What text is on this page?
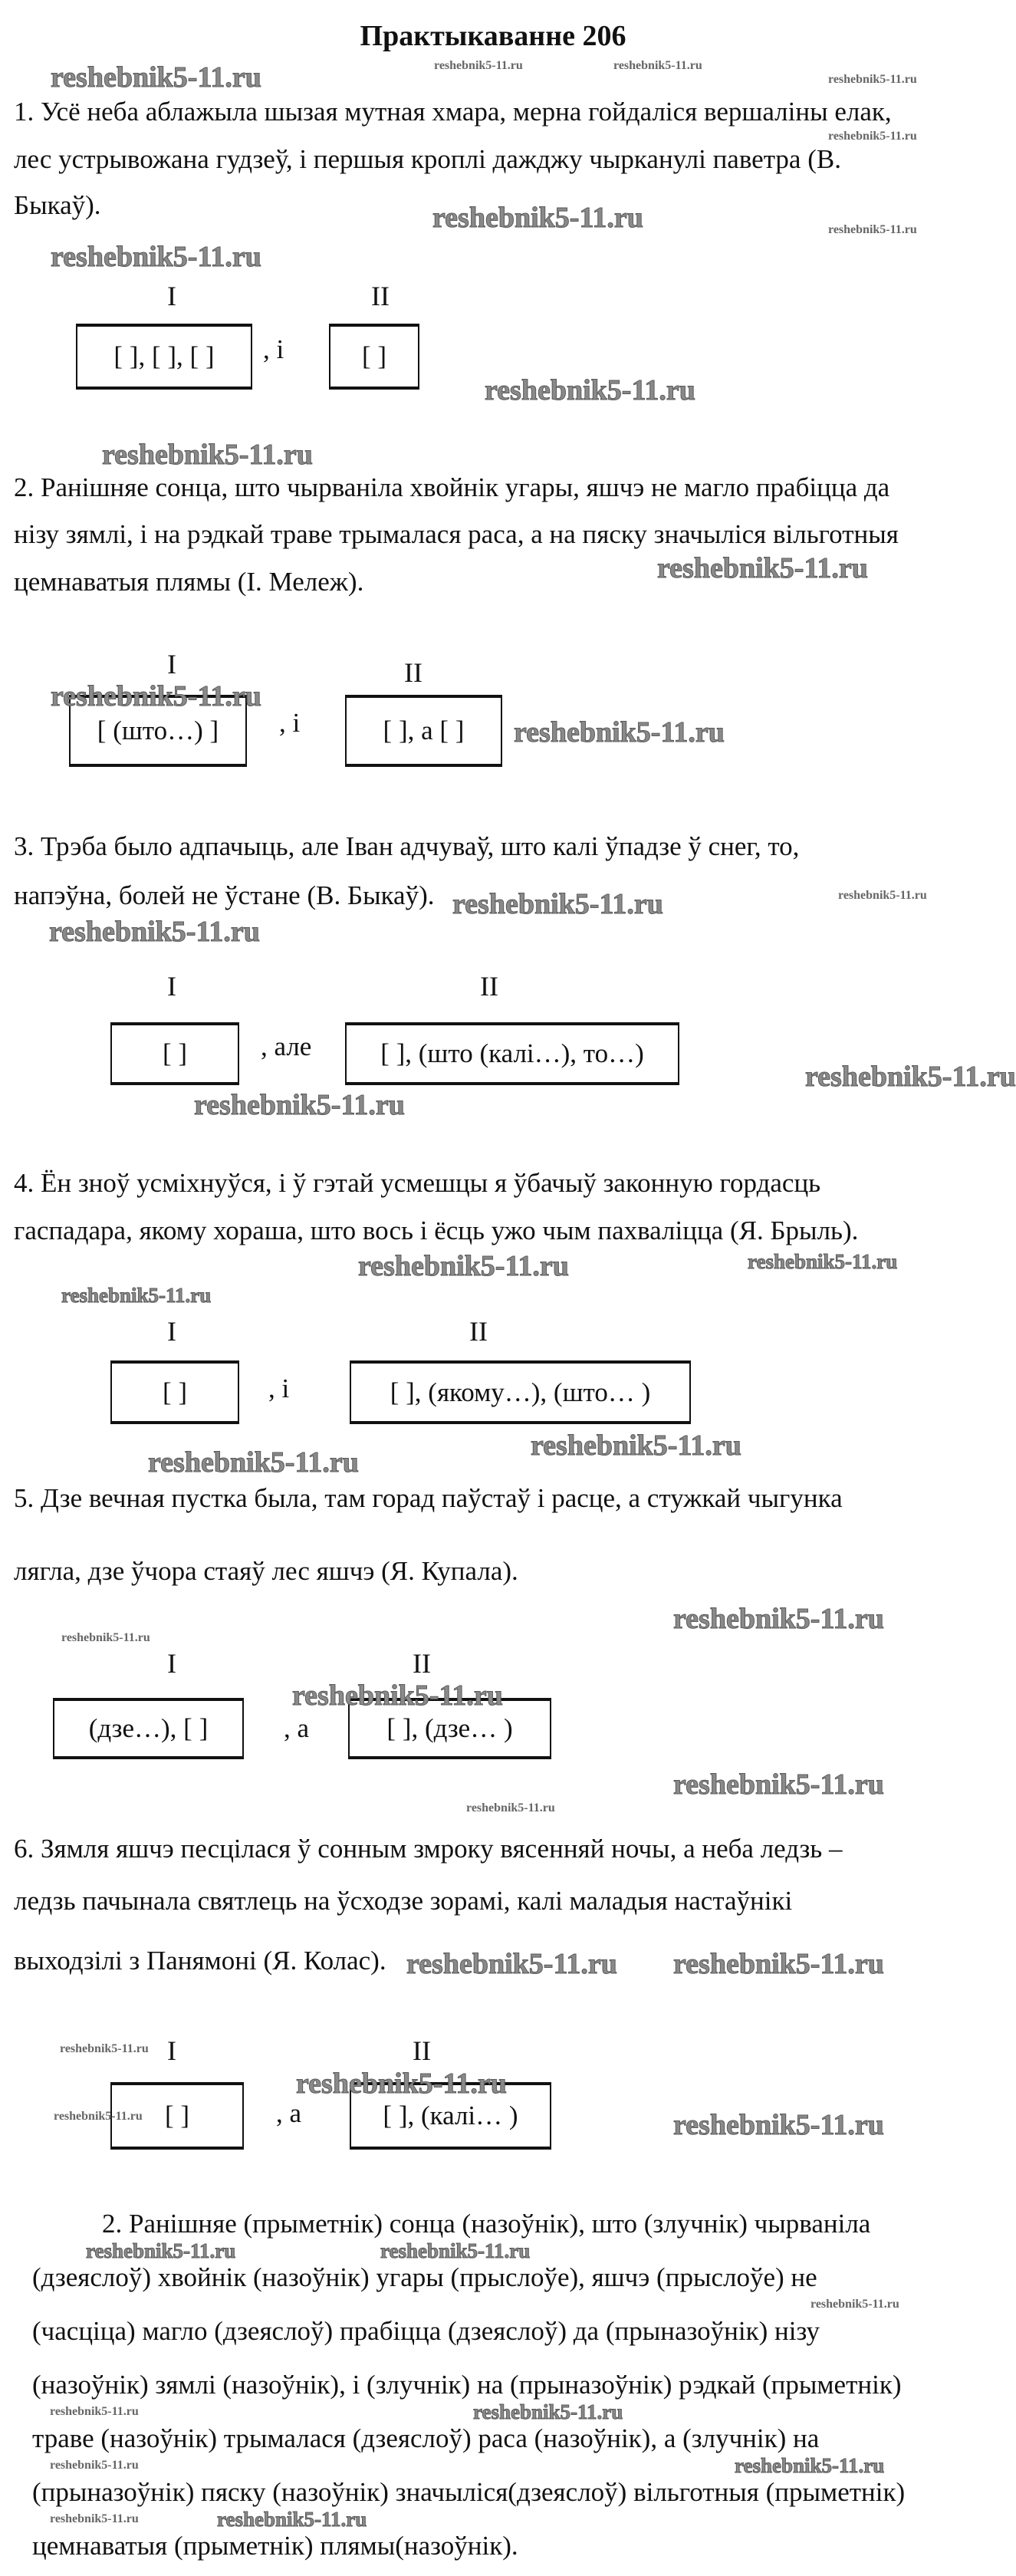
Практыкаванне 206
1. Усё неба аблажыла шызая мутная хмара, мерна гойдаліся вершаліны елак,
лес устрывожана гудзеў, і першыя кроплі дажджу чырканулі паветра (В.
Быкаў).
I	II
[ ], [ ], [ ]	, і	[ ]
2. Ранішняе сонца, што чырваніла хвойнік угары, яшчэ не магло прабіцца да
нізу зямлі, і на рэдкай траве трымалася раса, а на пяску значыліся вільготныя
цемнаватыя плямы (І. Мележ).
I	II
[ (што…) ]	, і	[ ], а [ ]
3. Трэба было адпачыць, але Іван адчуваў, што калі ўпадзе ў снег, то,
напэўна, болей не ўстане (В. Быкаў).
I	II
[ ]	, але	[ ], (што (калі…), то…)
4. Ён зноў усміхнуўся, і ў гэтай усмешцы я ўбачыў законную гордасць
гаспадара, якому хораша, што вось і ёсць ужо чым пахваліцца (Я. Брыль).
I	ІІ
[ ]	, і	[ ], (якому…), (што… )
5. Дзе вечная пустка была, там горад паўстаў і расце, а стужкай чыгунка
лягла, дзе ўчора стаяў лес яшчэ (Я. Купала).
I	II
(дзе…), [ ]	, а	[ ], (дзе… )
6. Зямля яшчэ песцілася ў сонным змроку вясенняй ночы, а неба ледзь –
ледзь пачынала святлець на ўсходзе зорамі, калі маладыя настаўнікі
выходзілі з Панямоні (Я. Колас).
I	II
[ ]	, а	[ ], (калі… )
2. Ранішняе (прыметнік) сонца (назоўнік), што (злучнік) чырваніла
(дзеяслоў) хвойнік (назоўнік) угары (прыслоўе), яшчэ (прыслоўе) не
(часціца) магло (дзеяслоў) прабіцца (дзеяслоў) да (прыназоўнік) нізу
(назоўнік) зямлі (назоўнік), і (злучнік) на (прыназоўнік) рэдкай (прыметнік)
траве (назоўнік) трымалася (дзеяслоў) раса (назоўнік), а (злучнік) на
(прыназоўнік) пяску (назоўнік) значыліся(дзеяслоў) вільготныя (прыметнік)
цемнаватыя (прыметнік) плямы(назоўнік).
reshebnik5-11.ru	reshebnik5-11.ru
reshebnik5-11.ru
reshebnik5-11.ru
reshebnik5-11.ru
reshebnik5-11.ru	reshebnik5-11.ru
reshebnik5-11.ru
reshebnik5-11.ru
reshebnik5-11.ru
reshebnik5-11.ru
reshebnik5-11.ru
reshebnik5-11.ru
reshebnik5-11.ru	reshebnik5-11.ru
reshebnik5-11.ru
reshebnik5-11.ru
reshebnik5-11.ru
reshebnik5-11.ru
reshebnik5-11.ru
reshebnik5-11.ru
reshebnik5-11.ru
reshebnik5-11.ru
reshebnik5-11.ru
reshebnik5-11.ru
reshebnik5-11.ru
reshebnik5-11.ru
reshebnik5-11.ru
reshebnik5-11.ru reshebnik5-11.ru
reshebnik5-11.ru
reshebnik5-11.ru
reshebnik5-11.ru	reshebnik5-11.ru
reshebnik5-11.ru	reshebnik5-11.ru
reshebnik5-11.ru
reshebnik5-11.ru	reshebnik5-11.ru
reshebnik5-11.ru	reshebnik5-11.ru
reshebnik5-11.ru	reshebnik5-11.ru
